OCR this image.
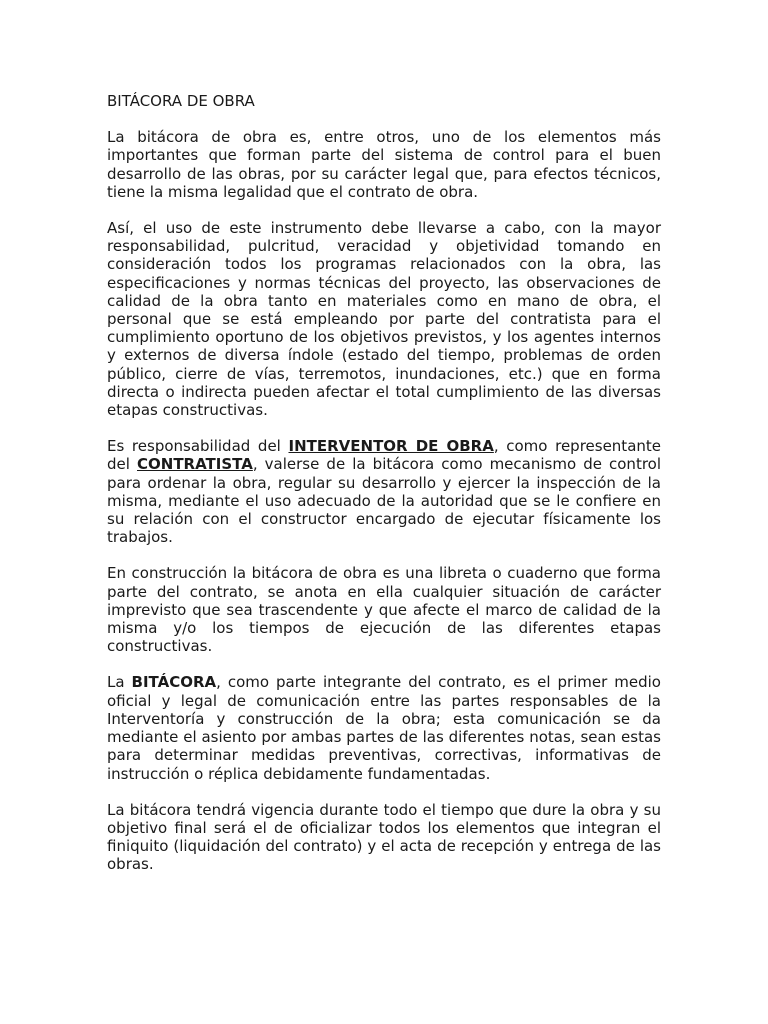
BITÁCORA DE OBRA

La bitácora de obra es, entre otros, uno de los elementos más importantes que forman parte del sistema de control para el buen desarrollo de las obras, por su carácter legal que, para efectos técnicos, tiene la misma legalidad que el contrato de obra.

Así, el uso de este instrumento debe llevarse a cabo, con la mayor responsabilidad, pulcritud, veracidad y objetividad tomando en consideración todos los programas relacionados con la obra, las especificaciones y normas técnicas del proyecto, las observaciones de calidad de la obra tanto en materiales como en mano de obra, el personal que se está empleando por parte del contratista para el cumplimiento oportuno de los objetivos previstos, y los agentes internos y externos de diversa índole (estado del tiempo, problemas de orden público, cierre de vías, terremotos, inundaciones, etc.) que en forma directa o indirecta pueden afectar el total cumplimiento de las diversas etapas constructivas.

Es responsabilidad del INTERVENTOR DE OBRA, como representante del CONTRATISTA, valerse de la bitácora como mecanismo de control para ordenar la obra, regular su desarrollo y ejercer la inspección de la misma, mediante el uso adecuado de la autoridad que se le confiere en su relación con el constructor encargado de ejecutar físicamente los trabajos.

En construcción la bitácora de obra es una libreta o cuaderno que forma parte del contrato, se anota en ella cualquier situación de carácter imprevisto que sea trascendente y que afecte el marco de calidad de la misma y/o los tiempos de ejecución de las diferentes etapas constructivas.

La BITÁCORA, como parte integrante del contrato, es el primer medio oficial y legal de comunicación entre las partes responsables de la Interventoría y construcción de la obra; esta comunicación se da mediante el asiento por ambas partes de las diferentes notas, sean estas para determinar medidas preventivas, correctivas, informativas de instrucción o réplica debidamente fundamentadas.

La bitácora tendrá vigencia durante todo el tiempo que dure la obra y su objetivo final será el de oficializar todos los elementos que integran el finiquito (liquidación del contrato) y el acta de recepción y entrega de las obras.
